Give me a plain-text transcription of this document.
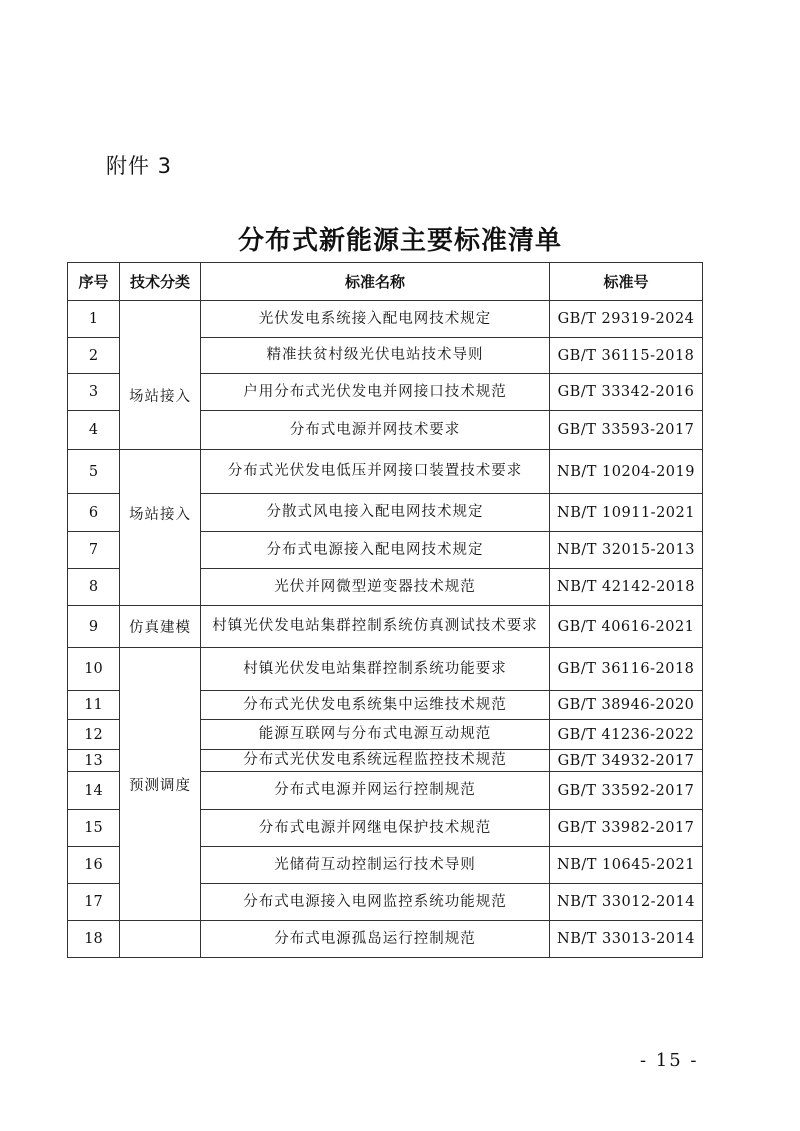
附件 3
分布式新能源主要标准清单
序号	技术分类	标准名称	标准号
1	场站接入	光伏发电系统接入配电网技术规定	GB/T 29319-2024
2		精准扶贫村级光伏电站技术导则	GB/T 36115-2018
3		户用分布式光伏发电并网接口技术规范	GB/T 33342-2016
4		分布式电源并网技术要求	GB/T 33593-2017
5	场站接入	分布式光伏发电低压并网接口装置技术要求	NB/T 10204-2019
6		分散式风电接入配电网技术规定	NB/T 10911-2021
7		分布式电源接入配电网技术规定	NB/T 32015-2013
8		光伏并网微型逆变器技术规范	NB/T 42142-2018
9	仿真建模	村镇光伏发电站集群控制系统仿真测试技术要求	GB/T 40616-2021
10	预测调度	村镇光伏发电站集群控制系统功能要求	GB/T 36116-2018
11		分布式光伏发电系统集中运维技术规范	GB/T 38946-2020
12		能源互联网与分布式电源互动规范	GB/T 41236-2022
13		分布式光伏发电系统远程监控技术规范	GB/T 34932-2017
14		分布式电源并网运行控制规范	GB/T 33592-2017
15		分布式电源并网继电保护技术规范	GB/T 33982-2017
16		光储荷互动控制运行技术导则	NB/T 10645-2021
17		分布式电源接入电网监控系统功能规范	NB/T 33012-2014
18		分布式电源孤岛运行控制规范	NB/T 33013-2014
- 15 -
